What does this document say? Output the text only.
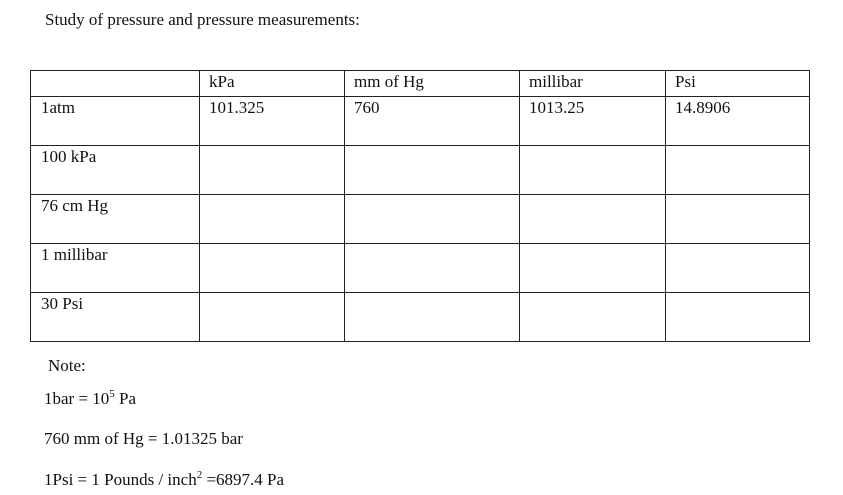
Study of pressure and pressure measurements:
	kPa	mm of Hg	millibar	Psi
1atm	101.325	760	1013.25	14.8906
100 kPa				
76 cm Hg				
1 millibar				
30 Psi				
Note:
$1bar = 10^5$ Pa
760 mm of Hg = 1.01325 bar
1Psi = 1 Pounds / inch$^2$ =6897.4 Pa
